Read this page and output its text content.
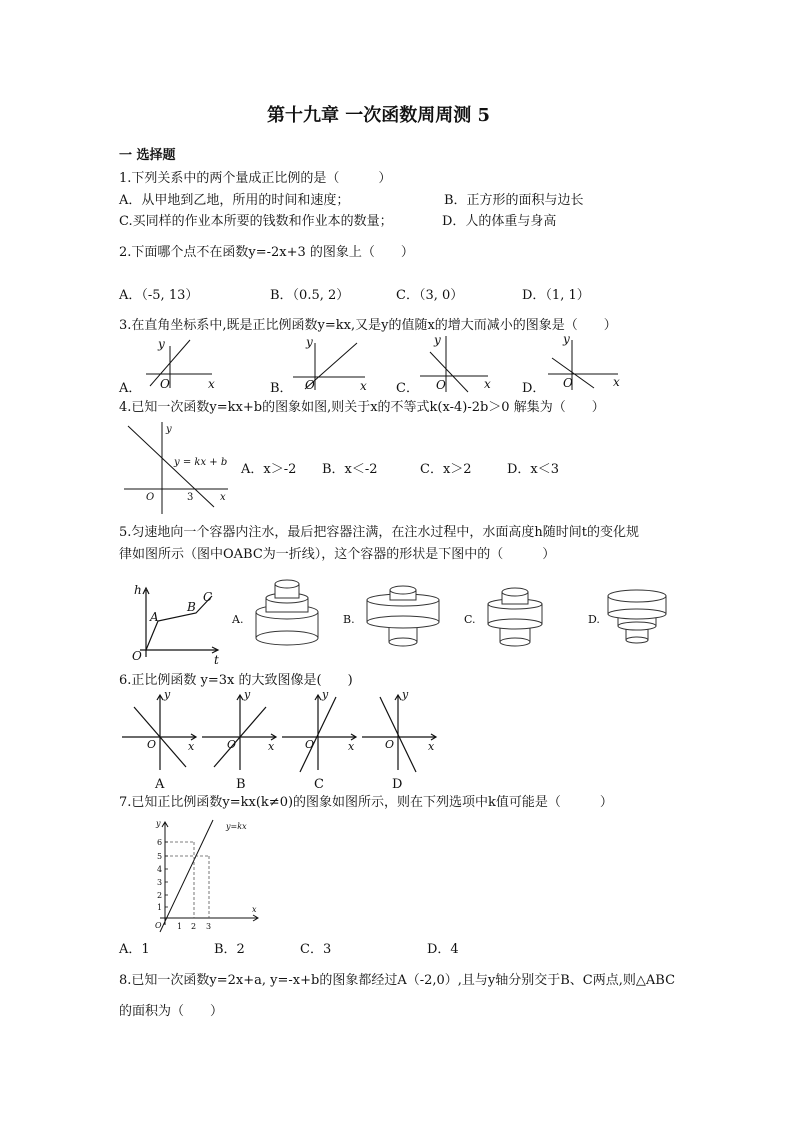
第十九章 一次函数周周测 5
一 选择题
1.下列关系中的两个量成正比例的是（　　　）
A．从甲地到乙地，所用的时间和速度；	B．正方形的面积与边长
C.买同样的作业本所要的钱数和作业本的数量；	D．人的体重与身高
2.下面哪个点不在函数y=-2x+3 的图象上（　　）
A．（-5, 13）	B．（0.5, 2）	C．（3, 0）	D．（1, 1）
3.在直角坐标系中,既是正比例函数y=kx,又是y的值随x的增大而减小的图象是（　　）
y
x
O
y
x
O
y
x
O
y
x
O
A．	B．	C．	D．
4.已知一次函数y=kx+b的图象如图,则关于x的不等式k(x-4)-2b＞0 解集为（　　）
y
x
O	3
y = kx + b A．x＞-2 B．x＜-2	C．x＞2	D．x＜3
5.匀速地向一个容器内注水，最后把容器注满，在注水过程中，水面高度h随时间t的变化规
律如图所示（图中OABC为一折线），这个容器的形状是下图中的（　　　）
h
t
O
A
B
C
A.	B.	C.	D.
6.正比例函数 y=3x 的大致图像是(　　)
y
x
O
y
x
O
y
x
O
y
x
O
A	B	C	D
7.已知正比例函数y=kx(k≠0)的图象如图所示，则在下列选项中k值可能是（　　　）
y
x
O
y=kx
6
5
4
3
2
1
1 2 3
A．1	B．2	C．3	D．4
8.已知一次函数y=2x+a, y=-x+b的图象都经过A（-2,0）,且与y轴分别交于B、C两点,则△ABC
的面积为（　　）
